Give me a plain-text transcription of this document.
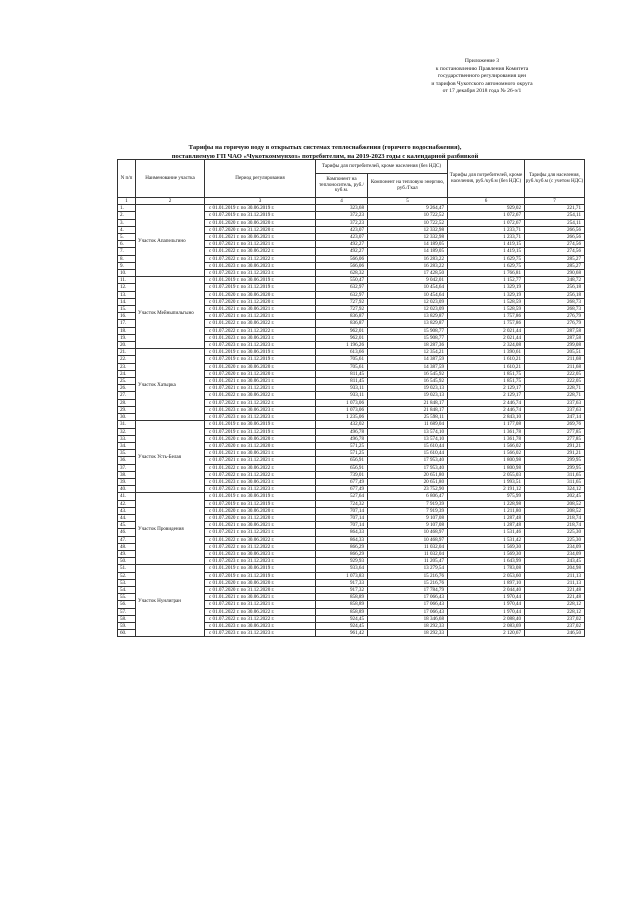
Приложение 3
к постановлению Правления Комитета
государственного регулирования цен
и тарифов Чукотского автономного округа
от 17 декабря 2018 года № 26-э/1
Тарифы на горячую воду в открытых системах теплоснабжения (горячего водоснабжения),
поставляемую ГП ЧАО «Чукоткоммунхоз» потребителям, на 2019-2023 годы с календарной разбивкой
N п/п	Наименование участка	Период регулирования	Тарифы для потребителей, кроме населения (без НДС)		Тарифы для потребителей, кроме населения, руб./куб.м (без НДС)	Тарифы для населения, руб./куб.м (с учетом НДС)
			Компонент на теплоноситель, руб./куб.м.	Компонент на тепловую энергию, руб./Гкал		
1	2	3	4	5	6	7
1.	Участок Апапельгино	с 01.01.2019 г. по 30.06.2019 г.	323,68	9 264,47	929,02	221,71
2.		с 01.07.2019 г. по 31.12.2019 г.	372,23	10 722,52	1 072,67	254,11
3.		с 01.01.2020 г. по 30.06.2020 г.	372,23	10 722,52	1 072,67	254,11
4.		с 01.07.2020 г. по 31.12.2020 г.	423,07	12 332,98	1 233,71	266,56
5.		с 01.01.2021 г. по 30.06.2021 г.	423,07	12 332,98	1 233,71	266,56
6.		с 01.07.2021 г. по 31.12.2021 г.	492,27	14 189,05	1 419,15	274,56
7.		с 01.01.2022 г. по 30.06.2022 г.	492,27	14 189,05	1 419,15	274,56
8.		с 01.07.2022 г. по 31.12.2022 г.	566,06	16 283,22	1 629,75	285,27
9.		с 01.01.2023 г. по 30.06.2023 г.	566,06	16 283,22	1 629,75	285,27
10.		с 01.07.2023 г. по 31.12.2023 г.	628,32	17 428,50	1 766,81	290,68
11.	Участок Мейныпильгыно	с 01.01.2019 г. по 30.06.2019 г.	550,47	9 042,01	1 152,77	248,72
12.		с 01.07.2019 г. по 31.12.2019 г.	632,97	10 454,64	1 329,19	256,18
13.		с 01.01.2020 г. по 30.06.2020 г.	632,97	10 454,64	1 329,19	256,18
14.		с 01.07.2020 г. по 31.12.2020 г.	727,92	12 023,09	1 528,59	268,73
15.		с 01.01.2021 г. по 30.06.2021 г.	727,92	12 023,09	1 528,59	268,73
16.		с 01.07.2021 г. по 31.12.2021 г.	836,87	13 829,87	1 757,86	276,79
17.		с 01.01.2022 г. по 30.06.2022 г.	836,87	13 829,87	1 757,86	276,79
18.		с 01.07.2022 г. по 31.12.2022 г.	962,01	15 908,77	2 021,44	287,58
19.		с 01.01.2023 г. по 30.06.2023 г.	962,01	15 908,77	2 021,44	287,58
20.		с 01.07.2023 г. по 31.12.2023 г.	1 196,26	18 287,36	2 324,08	299,08
21.	Участок Хатырка	с 01.01.2019 г. по 30.06.2019 г.	613,66	12 354,21	1 390,61	205,51
22.		с 01.07.2019 г. по 31.12.2019 г.	705,61	14 387,59	1 610,21	211,68
23.		с 01.01.2020 г. по 30.06.2020 г.	705,61	14 387,59	1 610,21	211,68
24.		с 01.07.2020 г. по 31.12.2020 г.	811,45	16 545,92	1 851,75	222,05
25.		с 01.01.2021 г. по 30.06.2021 г.	811,45	16 545,92	1 851,75	222,05
26.		с 01.07.2021 г. по 31.12.2021 г.	933,11	19 023,13	2 129,17	228,71
27.		с 01.01.2022 г. по 30.06.2022 г.	933,11	19 023,13	2 129,17	228,71
28.		с 01.07.2022 г. по 31.12.2022 г.	1 073,06	21 848,17	2 446,74	237,63
29.		с 01.01.2023 г. по 30.06.2023 г.	1 073,06	21 848,17	2 446,74	237,63
30.		с 01.07.2023 г. по 31.12.2023 г.	1 235,06	25 598,11	2 843,10	247,14
31.	Участок Усть-Белая	с 01.01.2019 г. по 30.06.2019 г.	432,02	11 689,04	1 177,08	269,76
32.		с 01.07.2019 г. по 31.12.2019 г.	496,78	13 574,10	1 361,78	277,85
33.		с 01.01.2020 г. по 30.06.2020 г.	496,78	13 574,10	1 361,78	277,85
34.		с 01.07.2020 г. по 31.12.2020 г.	571,25	15 610,44	1 566,02	291,21
35.		с 01.01.2021 г. по 30.06.2021 г.	571,25	15 610,44	1 566,02	291,21
36.		с 01.07.2021 г. по 31.12.2021 г.	656,91	17 953,40	1 800,98	299,95
37.		с 01.01.2022 г. по 30.06.2022 г.	656,91	17 953,40	1 800,98	299,95
38.		с 01.07.2022 г. по 31.12.2022 г.	739,01	20 651,80	2 055,03	311,65
39.		с 01.01.2023 г. по 30.06.2023 г.	677,49	20 651,80	1 993,51	311,65
40.		с 01.07.2023 г. по 31.12.2023 г.	677,49	23 752,90	2 191,12	324,12
41.	Участок Провидения	с 01.01.2019 г. по 30.06.2019 г.	527,64	6 806,47	975,99	202,45
42.		с 01.07.2019 г. по 31.12.2019 г.	724,32	7 919,39	1 228,98	208,52
43.		с 01.01.2020 г. по 30.06.2020 г.	707,14	7 919,39	1 211,80	208,52
44.		с 01.07.2020 г. по 31.12.2020 г.	707,14	9 107,08	1 287,48	218,74
45.		с 01.01.2021 г. по 30.06.2021 г.	707,14	9 107,08	1 287,48	218,74
46.		с 01.07.2021 г. по 31.12.2021 г.	864,33	10 468,97	1 531,46	225,30
47.		с 01.01.2022 г. по 30.06.2022 г.	864,33	10 468,97	1 531,42	225,30
48.		с 01.07.2022 г. по 31.12.2022 г.	866,29	11 032,04	1 569,30	234,09
49.		с 01.01.2023 г. по 30.06.2023 г.	866,29	11 032,04	1 569,30	234,09
50.		с 01.07.2023 г. по 31.12.2023 г.	929,93	11 205,47	1 643,99	243,45
51.	Участок Нунлигран	с 01.01.2019 г. по 30.06.2019 г.	933,64	13 279,54	1 783,08	204,98
52.		с 01.07.2019 г. по 31.12.2019 г.	1 073,83	15 216,76	2 053,60	211,13
53.		с 01.01.2020 г. по 30.06.2020 г.	917,33	15 216,76	1 897,10	211,13
54.		с 01.07.2020 г. по 31.12.2020 г.	917,32	17 784,79	2 044,40	221,48
55.		с 01.01.2021 г. по 30.06.2021 г.	858,89	17 066,43	1 970,44	221,48
56.		с 01.07.2021 г. по 31.12.2021 г.	858,89	17 066,43	1 970,44	228,12
57.		с 01.01.2022 г. по 30.06.2022 г.	858,89	17 066,43	1 970,44	228,12
58.		с 01.07.2022 г. по 31.12.2022 г.	924,45	18 346,68	2 088,40	237,02
59.		с 01.01.2023 г. по 30.06.2023 г.	924,45	18 292,33	2 083,69	237,02
60.		с 01.07.2023 г. по 31.12.2023 г.	961,42	18 292,33	2 120,67	246,50
